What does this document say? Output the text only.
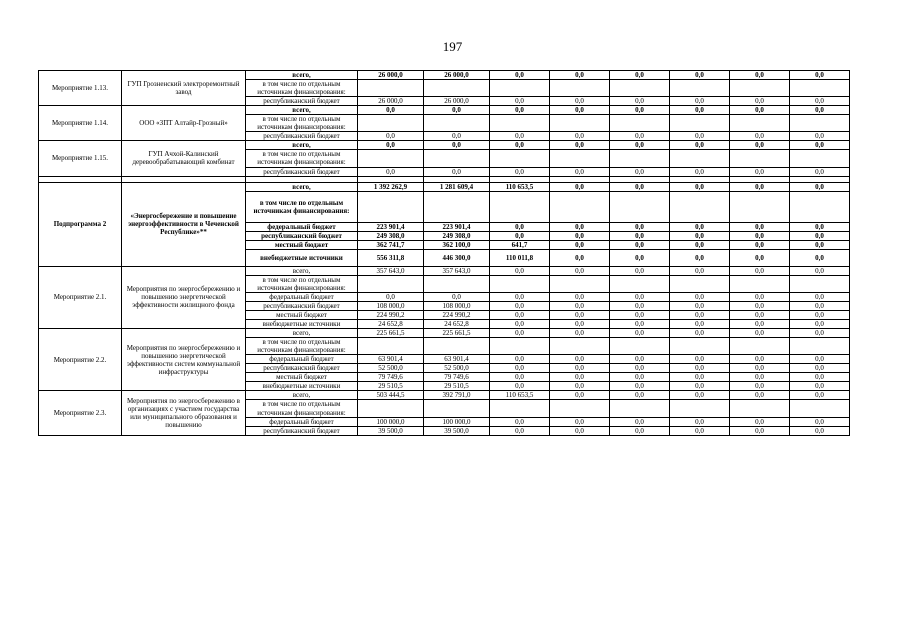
197
Мероприятие 1.13.	ГУП Грозненский электроремонтный завод	всего,	26 000,0	26 000,0	0,0	0,0	0,0	0,0	0,0	0,0
		в том числе по отдельным источникам финансирования:								
		республиканский бюджет	26 000,0	26 000,0	0,0	0,0	0,0	0,0	0,0	0,0
Мероприятие 1.14.	ООО «ЗПТ Алтайр-Грозный»	всего,	0,0	0,0	0,0	0,0	0,0	0,0	0,0	0,0
		в том числе по отдельным источникам финансирования:								
		республиканский бюджет	0,0	0,0	0,0	0,0	0,0	0,0	0,0	0,0
Мероприятие 1.15.	ГУП Ачхой-Калинский деревообрабатывающий комбинат	всего,	0,0	0,0	0,0	0,0	0,0	0,0	0,0	0,0
		в том числе по отдельным источникам финансирования:								
		республиканский бюджет	0,0	0,0	0,0	0,0	0,0	0,0	0,0	0,0

Подпрограмма 2	«Энергосбережение и повышение энергоэффективности в Чеченской Республике»**	всего,	1 392 262,9	1 281 609,4	110 653,5	0,0	0,0	0,0	0,0	0,0
		в том числе по отдельным источникам финансирования:								
		федеральный бюджет	223 901,4	223 901,4	0,0	0,0	0,0	0,0	0,0	0,0
		республиканский бюджет	249 308,0	249 308,0	0,0	0,0	0,0	0,0	0,0	0,0
		местный бюджет	362 741,7	362 100,0	641,7	0,0	0,0	0,0	0,0	0,0
		внебюджетные источники	556 311,8	446 300,0	110 011,8	0,0	0,0	0,0	0,0	0,0
Мероприятие 2.1.	Мероприятия по энергосбережению и повышению энергетической эффективности жилищного фонда	всего,	357 643,0	357 643,0	0,0	0,0	0,0	0,0	0,0	0,0
		в том числе по отдельным источникам финансирования:								
		федеральный бюджет	0,0	0,0	0,0	0,0	0,0	0,0	0,0	0,0
		республиканский бюджет	108 000,0	108 000,0	0,0	0,0	0,0	0,0	0,0	0,0
		местный бюджет	224 990,2	224 990,2	0,0	0,0	0,0	0,0	0,0	0,0
		внебюджетные источники	24 652,8	24 652,8	0,0	0,0	0,0	0,0	0,0	0,0
Мероприятие 2.2.	Мероприятия по энергосбережению и повышению энергетической эффективности систем коммунальной инфраструктуры	всего,	225 661,5	225 661,5	0,0	0,0	0,0	0,0	0,0	0,0
		в том числе по отдельным источникам финансирования:								
		федеральный бюджет	63 901,4	63 901,4	0,0	0,0	0,0	0,0	0,0	0,0
		республиканский бюджет	52 500,0	52 500,0	0,0	0,0	0,0	0,0	0,0	0,0
		местный бюджет	79 749,6	79 749,6	0,0	0,0	0,0	0,0	0,0	0,0
		внебюджетные источники	29 510,5	29 510,5	0,0	0,0	0,0	0,0	0,0	0,0
Мероприятие 2.3.	Мероприятия по энергосбережению в организациях с участием государства или муниципального образования и повышению	всего,	503 444,5	392 791,0	110 653,5	0,0	0,0	0,0	0,0	0,0
		в том числе по отдельным источникам финансирования:								
		федеральный бюджет	100 000,0	100 000,0	0,0	0,0	0,0	0,0	0,0	0,0
		республиканский бюджет	39 500,0	39 500,0	0,0	0,0	0,0	0,0	0,0	0,0
